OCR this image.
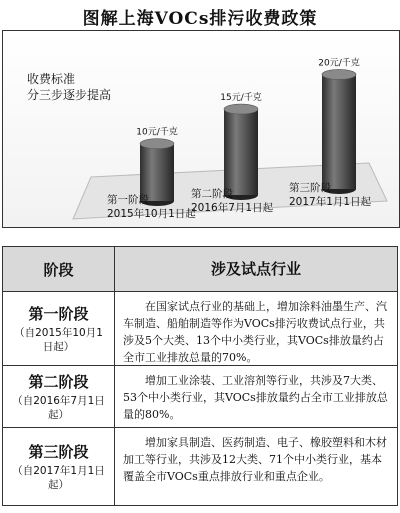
图解上海VOCs排污收费政策
收费标准
分三步逐步提高
10元/千克
第一阶段
2015年10月1日起
15元/千克
第二阶段
2016年7月1日起
20元/千克
第三阶段
2017年1月1日起
阶段	涉及试点行业
第一阶段
（自2015年10月1日起）
在国家试点行业的基础上，增加涂料油墨生产、汽车制造、船舶制造等作为VOCs排污收费试点行业，共涉及5个大类、13个中小类行业，其VOCs排放量约占全市工业排放总量的70%。
第二阶段
（自2016年7月1日起）
增加工业涂装、工业溶剂等行业，共涉及7大类、53个中小类行业，其VOCs排放量约占全市工业排放总量的80%。
第三阶段
（自2017年1月1日起）
增加家具制造、医药制造、电子、橡胶塑料和木材加工等行业，共涉及12大类、71个中小类行业，基本覆盖全市VOCs重点排放行业和重点企业。
